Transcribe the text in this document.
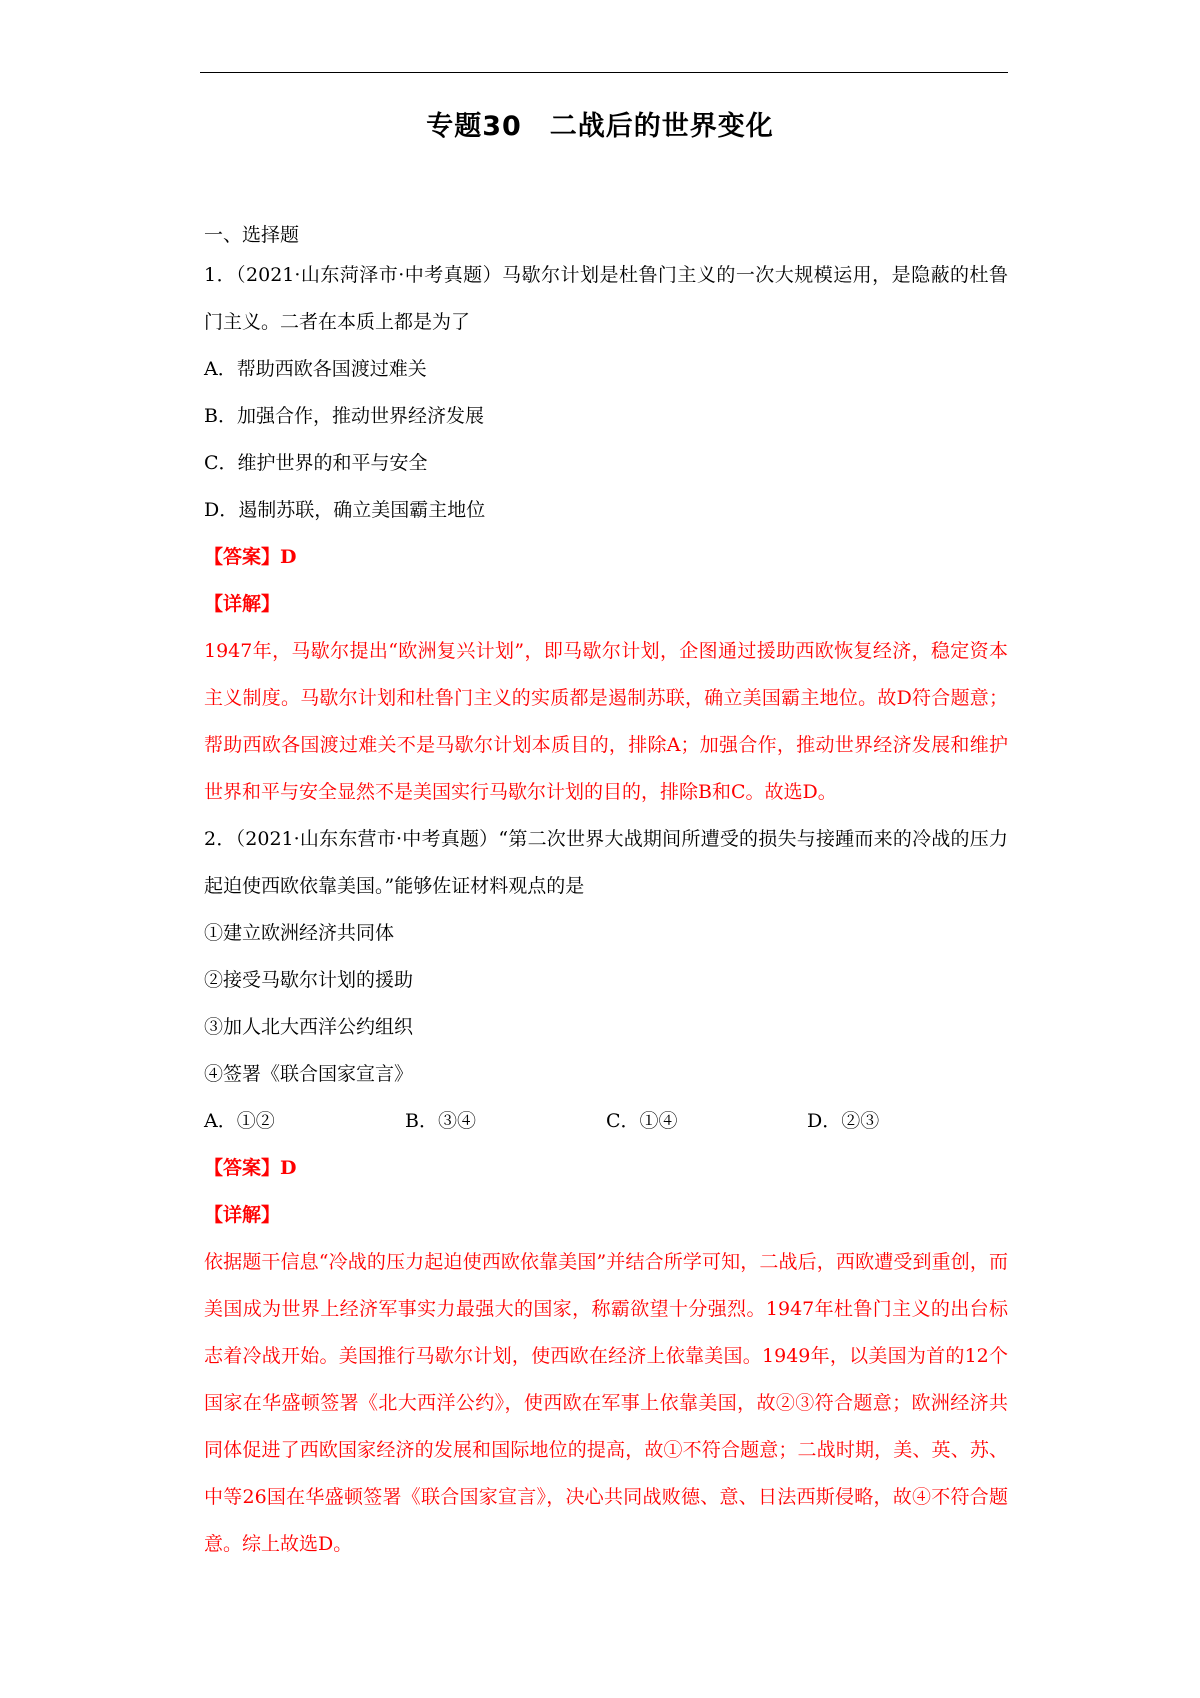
专题30　二战后的世界变化
一、选择题
1．（2021·山东菏泽市·中考真题）马歇尔计划是杜鲁门主义的一次大规模运用，是隐蔽的杜鲁门主义。二者在本质上都是为了
A．帮助西欧各国渡过难关
B．加强合作，推动世界经济发展
C．维护世界的和平与安全
D．遏制苏联，确立美国霸主地位
【答案】D
【详解】
1947年，马歇尔提出“欧洲复兴计划”，即马歇尔计划，企图通过援助西欧恢复经济，稳定资本主义制度。马歇尔计划和杜鲁门主义的实质都是遏制苏联，确立美国霸主地位。故D符合题意；帮助西欧各国渡过难关不是马歇尔计划本质目的，排除A；加强合作，推动世界经济发展和维护世界和平与安全显然不是美国实行马歇尔计划的目的，排除B和C。故选D。
2．（2021·山东东营市·中考真题）“第二次世界大战期间所遭受的损失与接踵而来的冷战的压力起迫使西欧依靠美国。”能够佐证材料观点的是
①建立欧洲经济共同体
②接受马歇尔计划的援助
③加人北大西洋公约组织
④签署《联合国家宣言》
A．①②	B．③④	C．①④	D．②③
【答案】D
【详解】
依据题干信息“冷战的压力起迫使西欧依靠美国”并结合所学可知，二战后，西欧遭受到重创，而美国成为世界上经济军事实力最强大的国家，称霸欲望十分强烈。1947年杜鲁门主义的出台标志着冷战开始。美国推行马歇尔计划，使西欧在经济上依靠美国。1949年，以美国为首的12个国家在华盛顿签署《北大西洋公约》，使西欧在军事上依靠美国，故②③符合题意；欧洲经济共同体促进了西欧国家经济的发展和国际地位的提高，故①不符合题意；二战时期，美、英、苏、中等26国在华盛顿签署《联合国家宣言》，决心共同战败德、意、日法西斯侵略，故④不符合题意。综上故选D。
